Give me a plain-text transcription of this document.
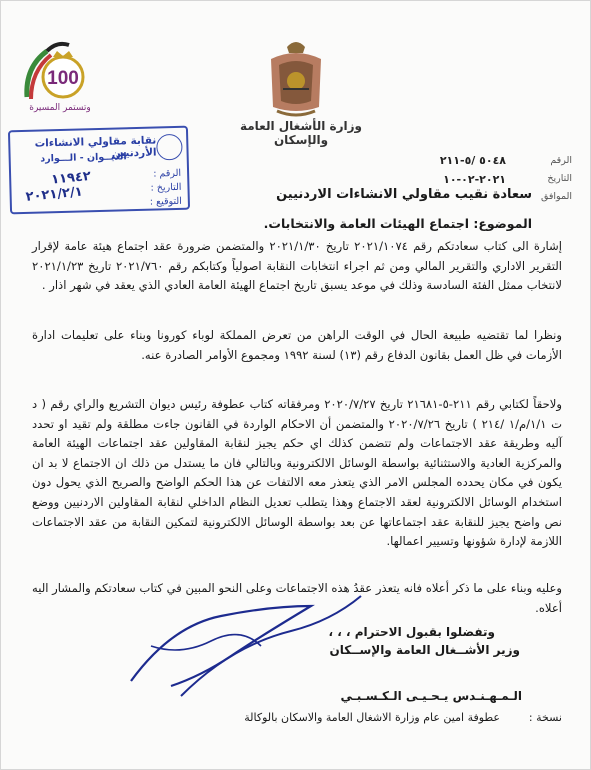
100
وتستمر المسيرة
وزارة الأشغال العامة والإسكان
نقابة مقاولي الانشاءات الأردنيين
الديــوان - الـــوارد
الرقم :
التاريخ :
التوقيع :
١١٩٤٢
٢٠٢١/٢/١
الرقم
التاريخ
الموافق
٥٠٤٨ /٥-٢١١
٢٠٢١-٠٢-١٠
سعادة نقيب مقاولي الانشاءات الاردنيين
الموضوع: اجتماع الهيئات العامة والانتخابات.
إشارة الى كتاب سعادتكم رقم ٢٠٢١/١٠٧٤ تاريخ ٢٠٢١/١/٣٠ والمتضمن ضرورة عقد اجتماع هيئة عامة لإقرار التقرير الاداري والتقرير المالي ومن ثم اجراء انتخابات النقابة اصولياً وكتابكم رقم ٢٠٢١/٧٦٠ تاريخ ٢٠٢١/١/٢٣ لانتخاب ممثل الفئة السادسة وذلك في موعد يسبق تاريخ اجتماع الهيئة العامة العادي الذي يعقد في شهر اذار .
ونظرا لما تقتضيه طبيعة الحال في الوقت الراهن من تعرض المملكة لوباء كورونا وبناء على تعليمات ادارة الأزمات في ظل العمل بقانون الدفاع رقم (١٣) لسنة ١٩٩٢ ومجموع الأوامر الصادرة عنه.
ولاحقاً لكتابي رقم ٢١١-٥-٢١٦٨١ تاريخ ٢٠٢٠/٧/٢٧ ومرفقاته كتاب عطوفة رئيس ديوان التشريع والراي رقم ( د ت ١/١/م/١ /٢١٤ ) تاريخ ٢٠٢٠/٧/٢٦ والمتضمن أن الاحكام الواردة في القانون جاءت مطلقة ولم تقيد او تحدد آليه وطريقة عقد الاجتماعات ولم تتضمن كذلك اي حكم يجيز لنقابة المقاولين عقد اجتماعات الهيئة العامة والمركزية العادية والاستثنائية بواسطة الوسائل الالكترونية وبالتالي فان ما يستدل من ذلك ان الاجتماع لا بد ان يكون في مكان يحدده المجلس الامر الذي يتعذر معه الالتفات عن هذا الحكم الواضح والصريح الذي يحول دون استخدام الوسائل الالكترونية لعقد الاجتماع وهذا يتطلب تعديل النظام الداخلي لنقابة المقاولين الاردنيين ووضع نص واضح يجيز للنقابة عقد اجتماعاتها عن بعد بواسطة الوسائل الالكترونية لتمكين النقابة من عقد الاجتماعات اللازمة لإدارة شؤونها وتسيير اعمالها.
وعليه وبناء على ما ذكر أعلاه فانه يتعذر عقدُ هذه الاجتماعات وعلى النحو المبين في كتاب سعادتكم والمشار اليه أعلاه.
وتفضلوا بقبول الاحترام ، ، ،
وزير الأشــغال العامة والإســكان
الـمـهـنـدس يـحـيـى الـكـسـبـي
نسخة :
عطوفة امين عام وزارة الاشغال العامة والاسكان بالوكالة
